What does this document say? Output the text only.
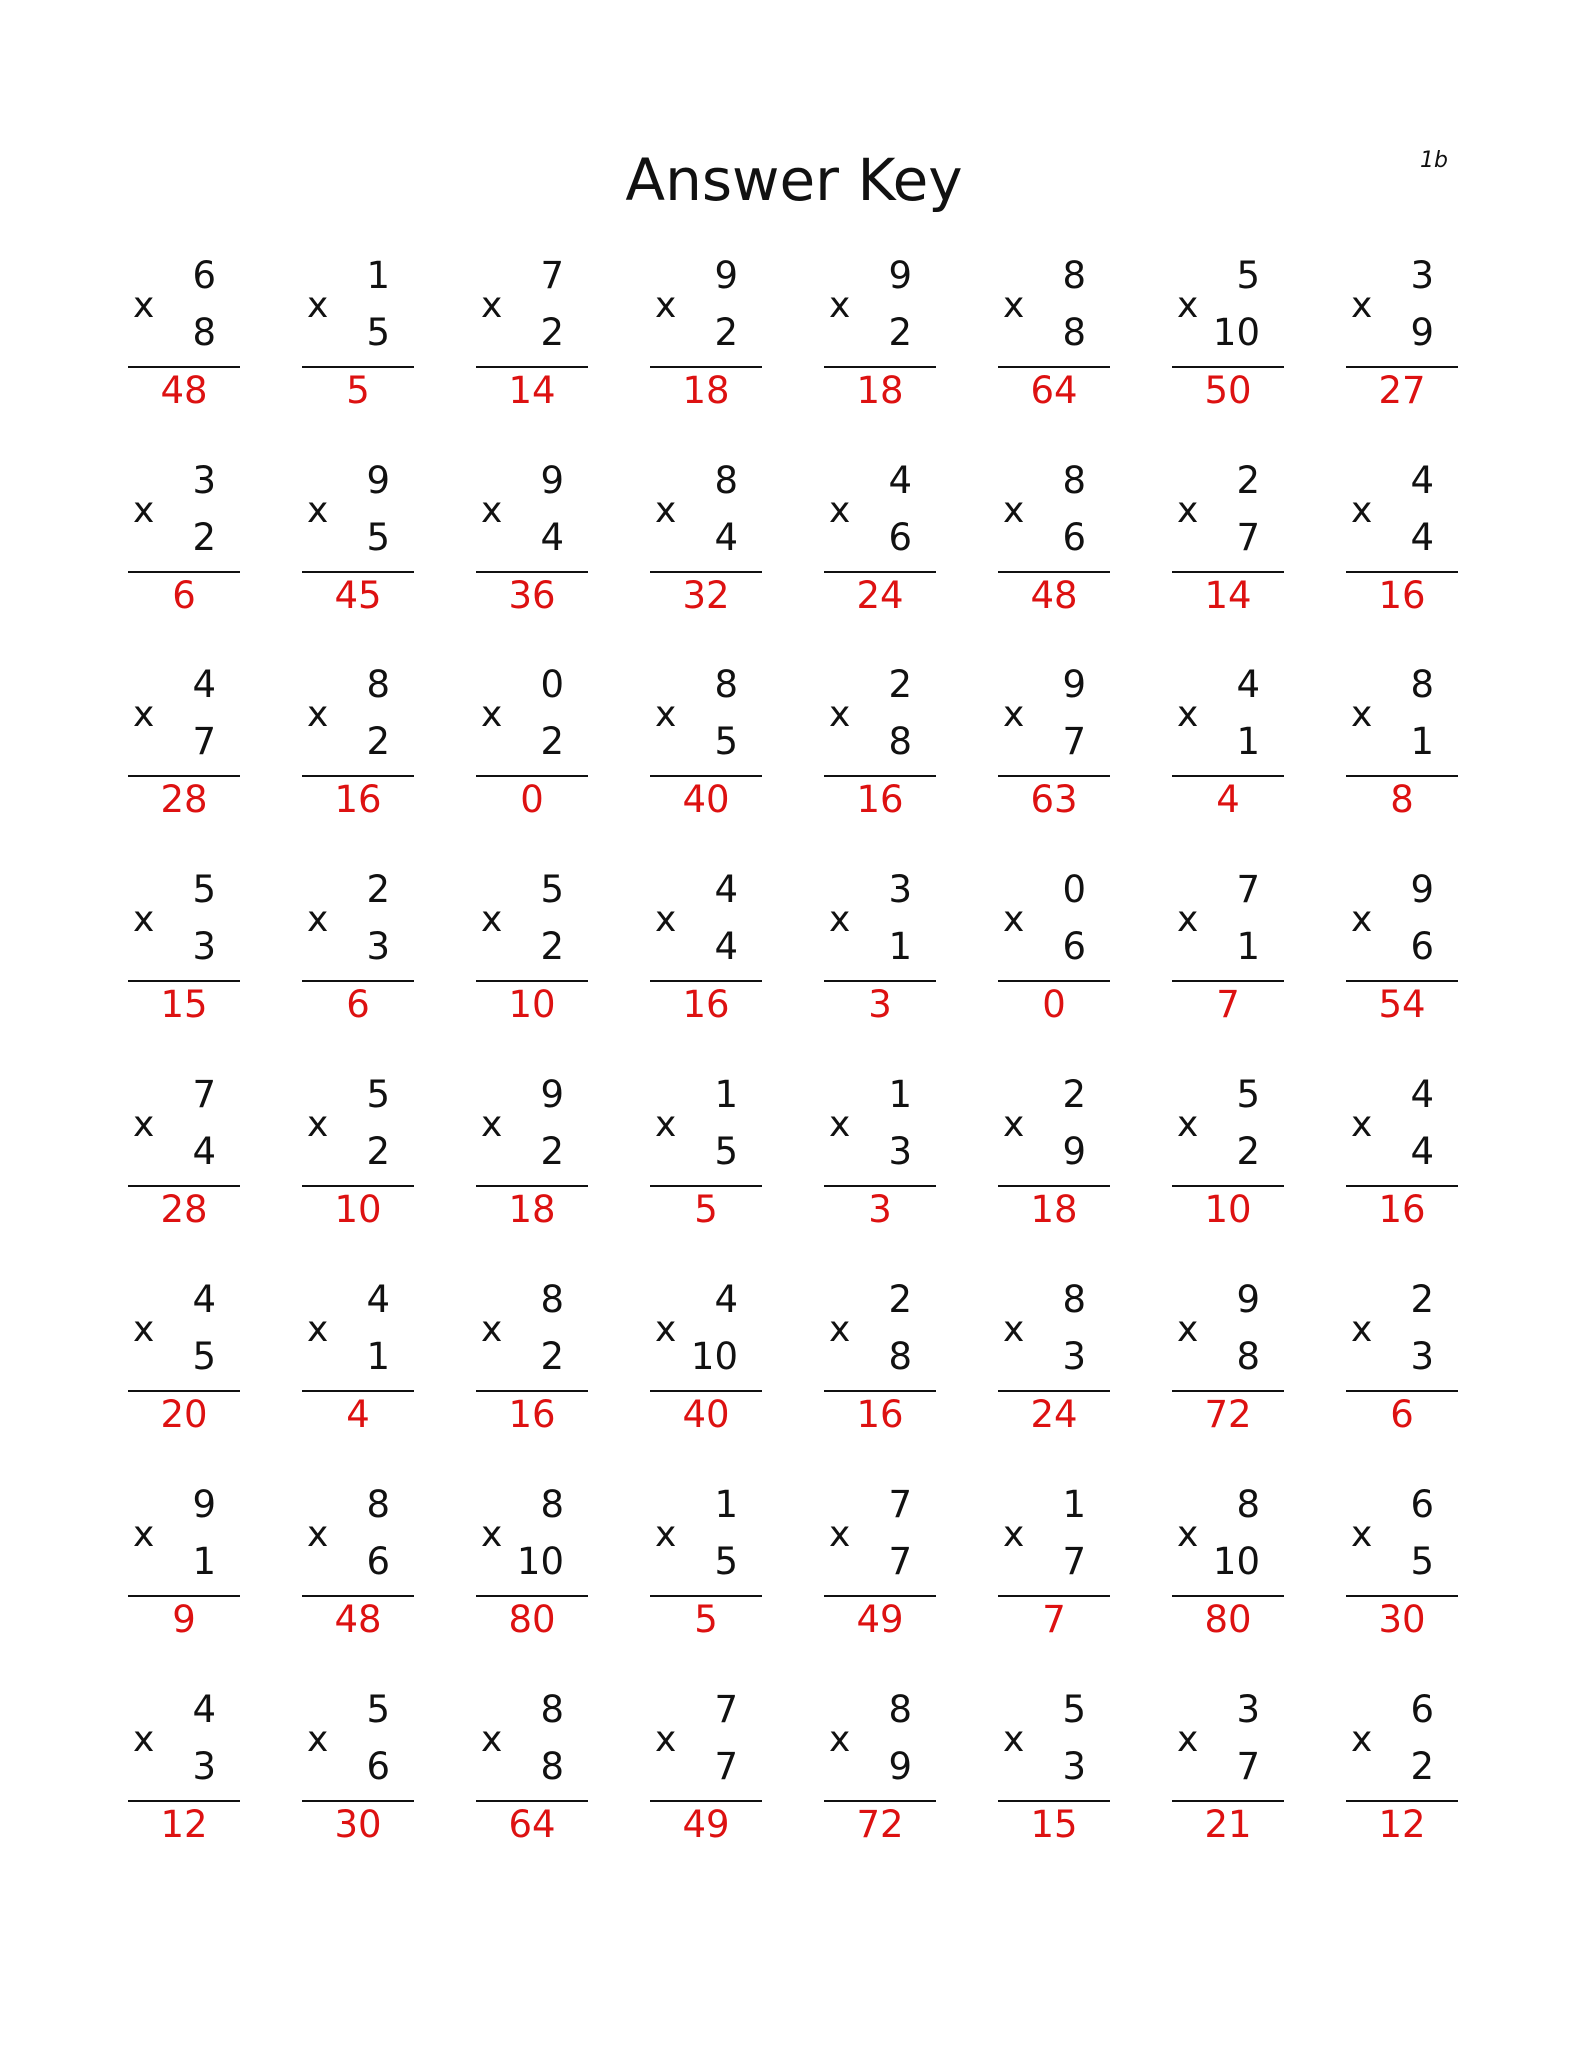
Answer Key	1b
x
6
8
48
x
1
5
5
x
7
2
14
x
9
2
18
x
9
2
18
x
8
8
64
x
5
10
50
x
3
9
27
x
3
2
6
x
9
5
45
x
9
4
36
x
8
4
32
x
4
6
24
x
8
6
48
x
2
7
14
x
4
4
16
x
4
7
28
x
8
2
16
x
0
2
0
x
8
5
40
x
2
8
16
x
9
7
63
x
4
1
4
x
8
1
8
x
5
3
15
x
2
3
6
x
5
2
10
x
4
4
16
x
3
1
3
x
0
6
0
x
7
1
7
x
9
6
54
x
7
4
28
x
5
2
10
x
9
2
18
x
1
5
5
x
1
3
3
x
2
9
18
x
5
2
10
x
4
4
16
x
4
5
20
x
4
1
4
x
8
2
16
x
4
10
40
x
2
8
16
x
8
3
24
x
9
8
72
x
2
3
6
x
9
1
9
x
8
6
48
x
8
10
80
x
1
5
5
x
7
7
49
x
1
7
7
x
8
10
80
x
6
5
30
x
4
3
12
x
5
6
30
x
8
8
64
x
7
7
49
x
8
9
72
x
5
3
15
x
3
7
21
x
6
2
12
